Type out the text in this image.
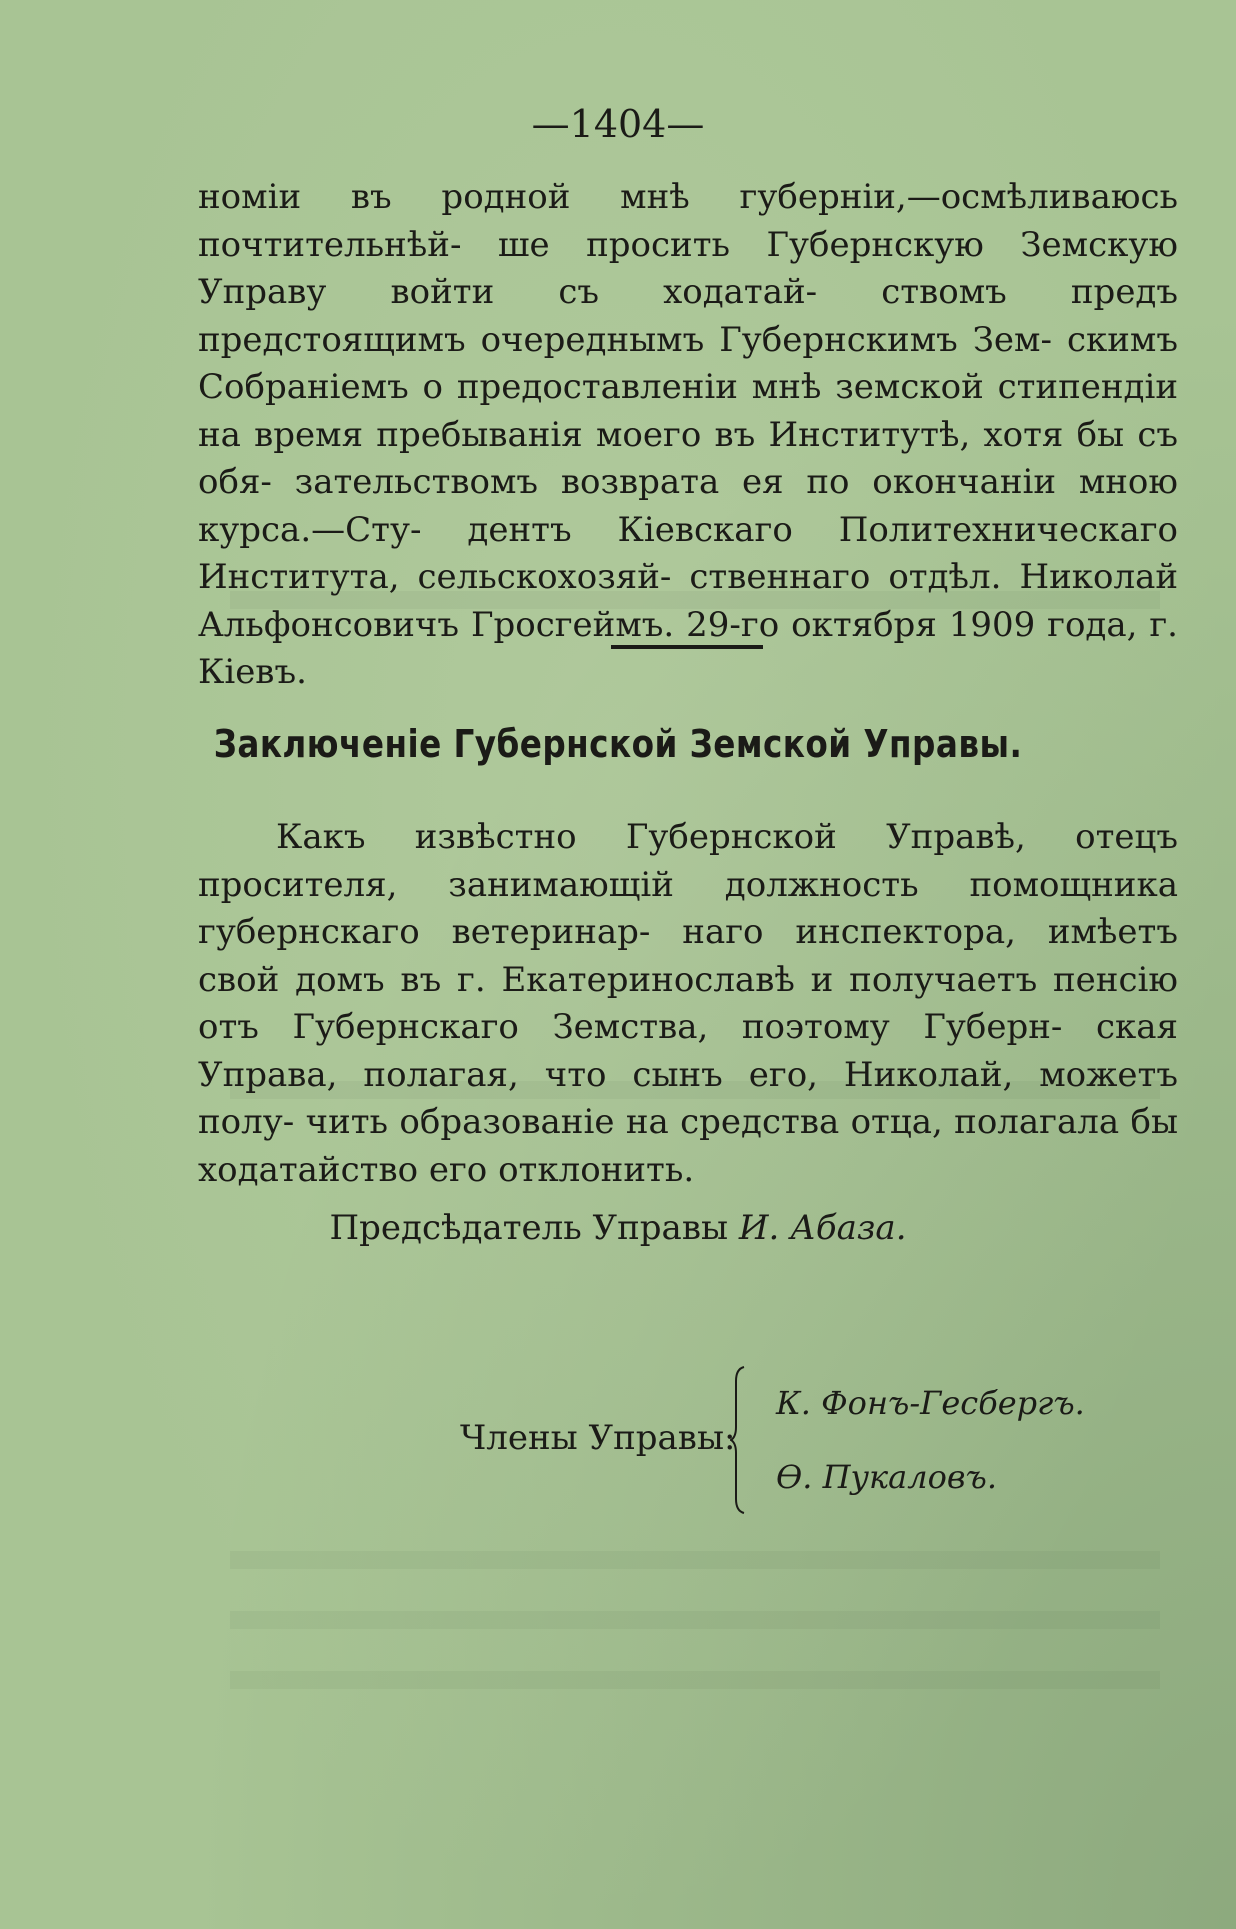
—1404—

номіи въ родной мнѣ губерніи,—осмѣливаюсь почтительнѣй- ше просить Губернскую Земскую Управу войти съ ходатай- ствомъ предъ предстоящимъ очереднымъ Губернскимъ Зем- скимъ Собраніемъ о предоставленіи мнѣ земской стипендіи на время пребыванія моего въ Институтѣ, хотя бы съ обя- зательствомъ возврата ея по окончаніи мною курса.—Сту- дентъ Кіевскаго Политехническаго Института, сельскохозяй- ственнаго отдѣл. Николай Альфонсовичъ Гросгеймъ. 29-го октября 1909 года, г. Кіевъ.

Заключеніе Губернской Земской Управы.

Какъ извѣстно Губернской Управѣ, отецъ просителя, занимающій должность помощника губернскаго ветеринар- наго инспектора, имѣетъ свой домъ въ г. Екатеринославѣ и получаетъ пенсію отъ Губернскаго Земства, поэтому Губерн- ская Управа, полагая, что сынъ его, Николай, можетъ полу- чить образованіе на средства отца, полагала бы ходатайство его отклонить.

Предсѣдатель Управы И. Абаза.
Члены Управы:
К. Фонъ-Гесбергъ.
Ѳ. Пукаловъ.
